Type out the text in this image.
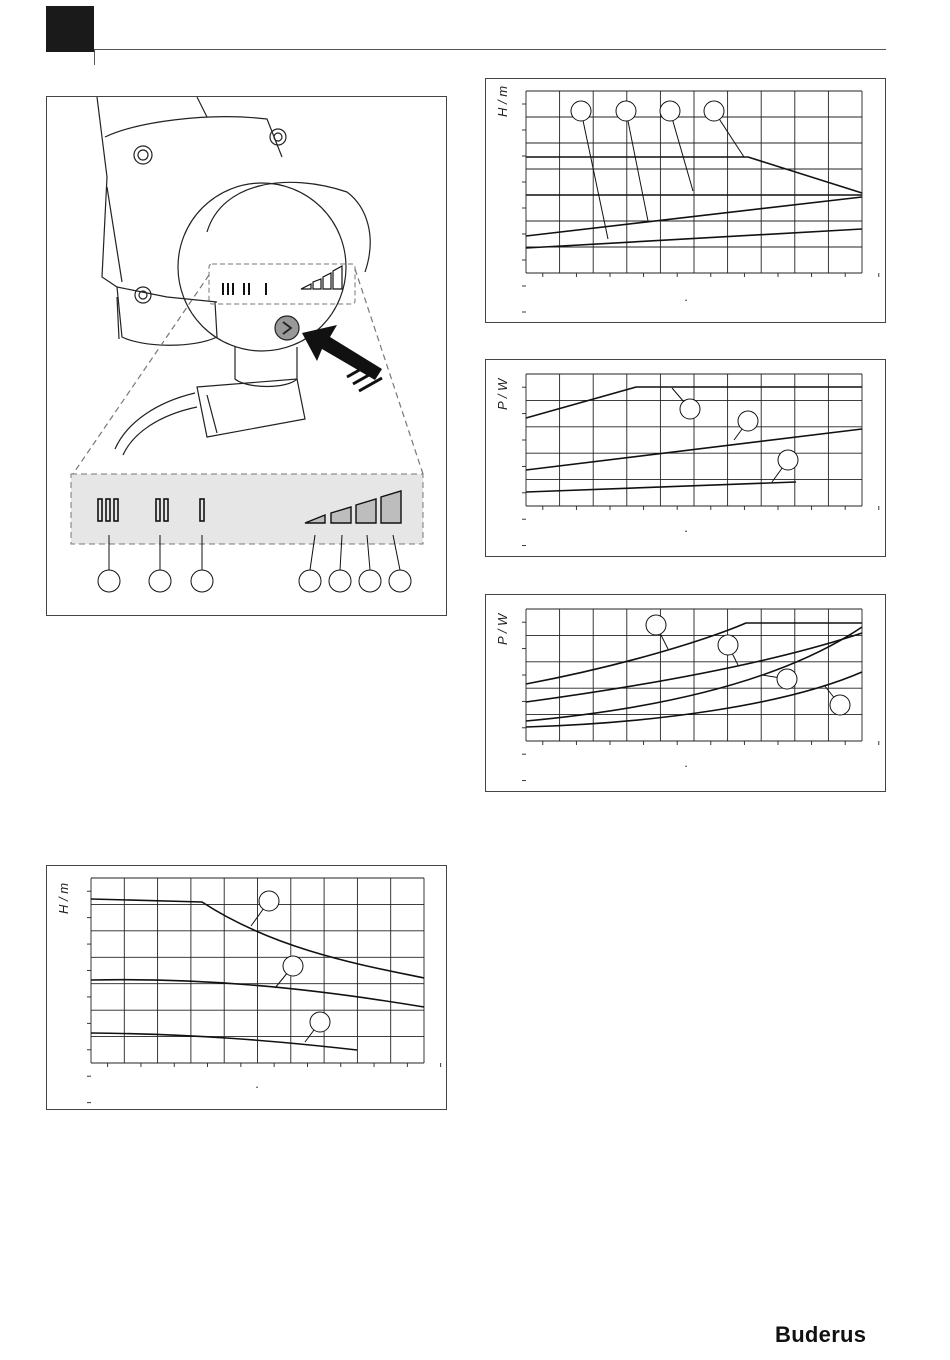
H / m
.
P / W
.
P / W
.
H / m
.
Buderus
